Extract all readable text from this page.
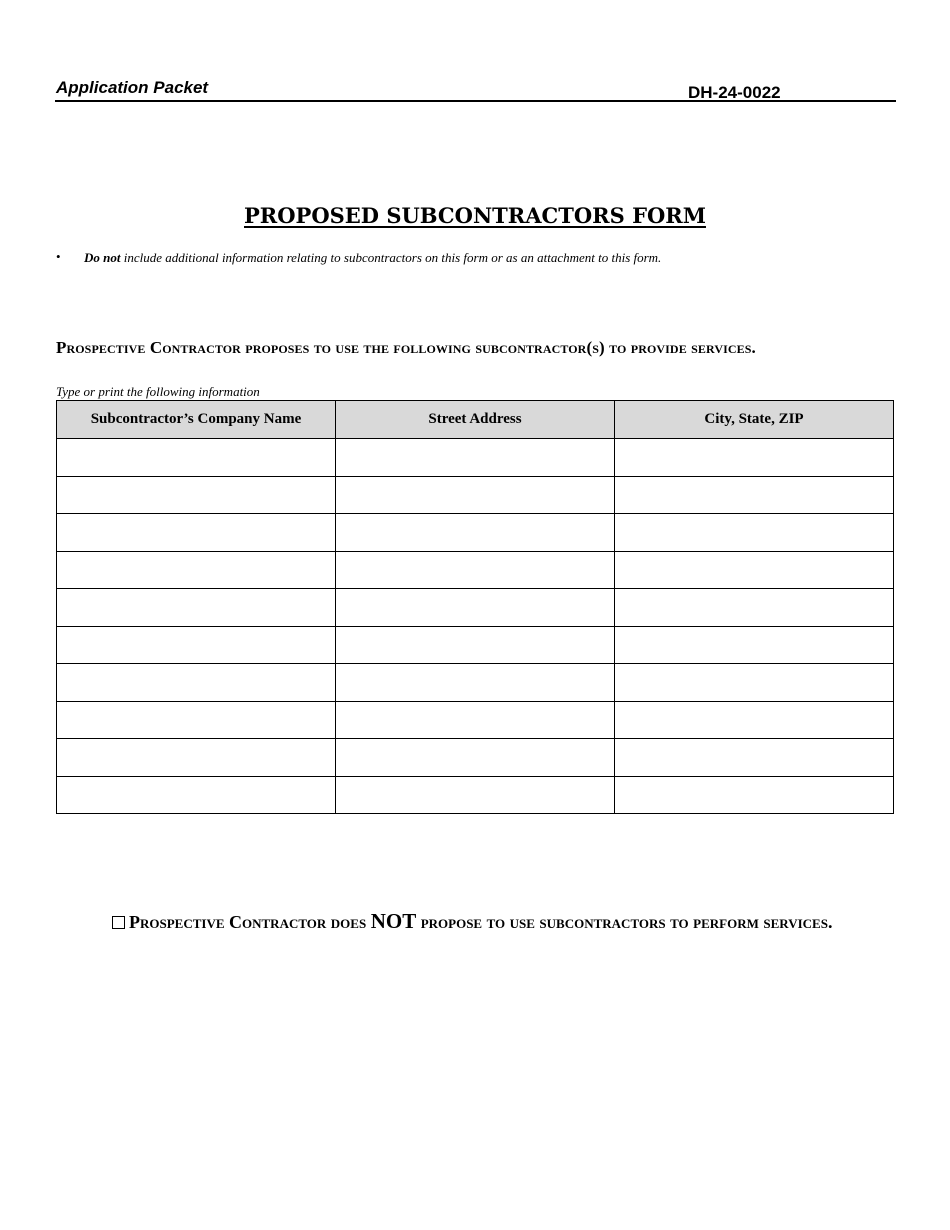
Application Packet	DH-24-0022
PROPOSED SUBCONTRACTORS FORM
• Do not include additional information relating to subcontractors on this form or as an attachment to this form.
Prospective Contractor proposes to use the following subcontractor(s) to provide services.
Type or print the following information
Subcontractor’s Company Name	Street Address	City, State, ZIP

Prospective Contractor does NOT propose to use subcontractors to perform services.
